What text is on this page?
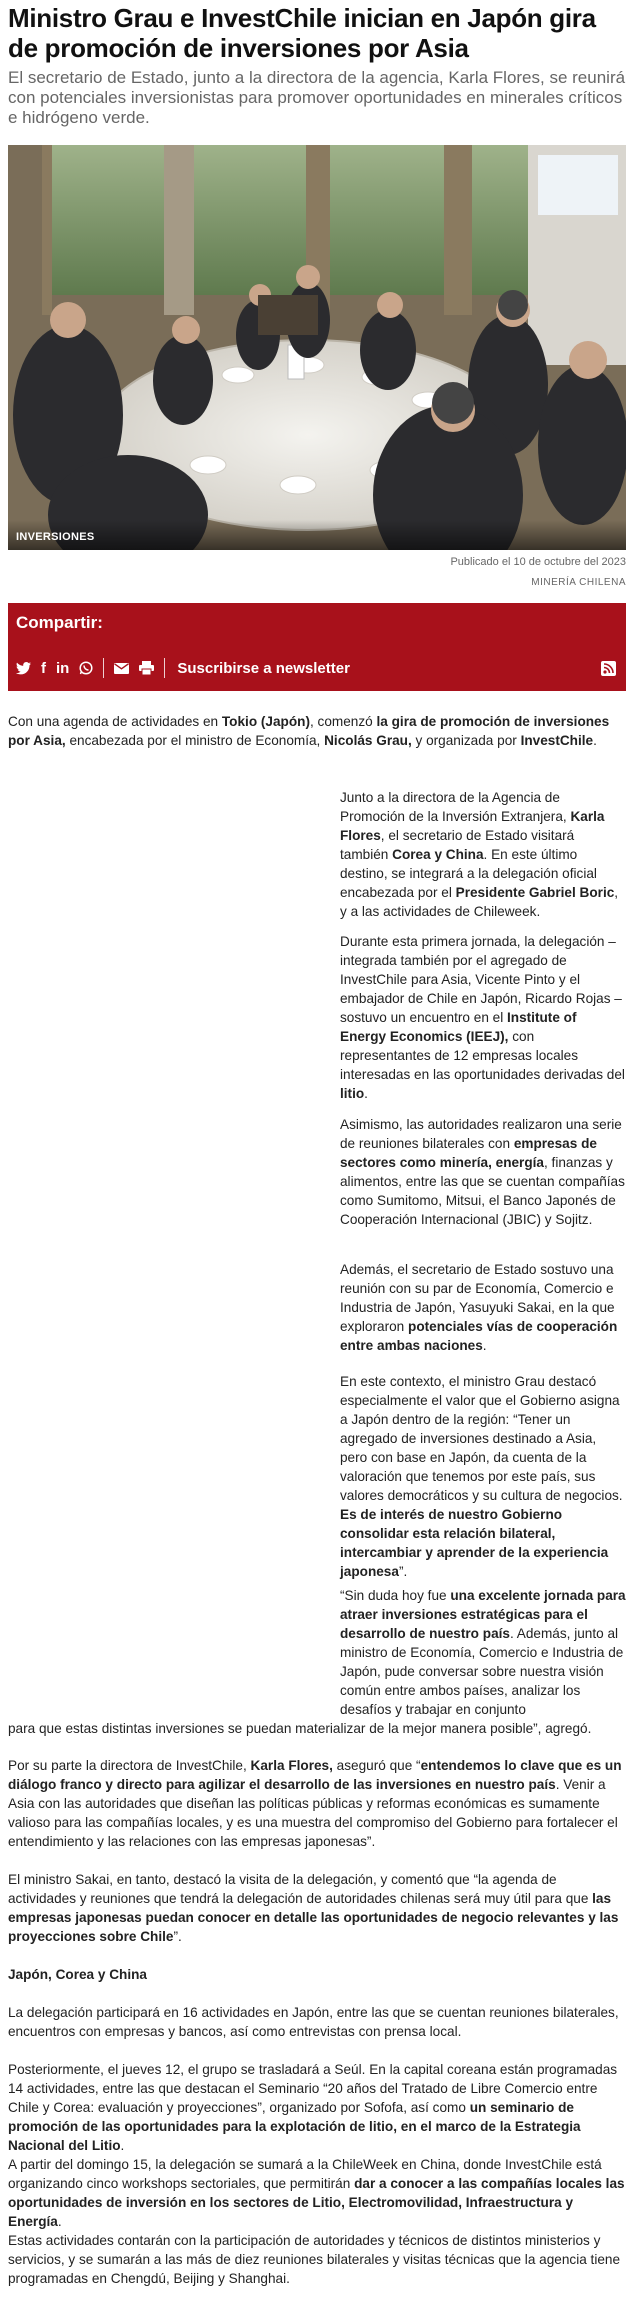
Ministro Grau e InvestChile inician en Japón gira de promoción de inversiones por Asia

El secretario de Estado, junto a la directora de la agencia, Karla Flores, se reunirá con potenciales inversionistas para promover oportunidades en minerales críticos e hidrógeno verde.

INVERSIONES
Publicado el 10 de octubre del 2023
MINERÍA CHILENA
Compartir:
f in	Suscribirse a newsletter

Con una agenda de actividades en Tokio (Japón), comenzó la gira de promoción de inversiones por Asia, encabezada por el ministro de Economía, Nicolás Grau, y organizada por InvestChile.

Junto a la directora de la Agencia de Promoción de la Inversión Extranjera, Karla Flores, el secretario de Estado visitará también Corea y China. En este último destino, se integrará a la delegación oficial encabezada por el Presidente Gabriel Boric, y a las actividades de Chileweek.

Durante esta primera jornada, la delegación –integrada también por el agregado de InvestChile para Asia, Vicente Pinto y el embajador de Chile en Japón, Ricardo Rojas – sostuvo un encuentro en el Institute of Energy Economics (IEEJ), con representantes de 12 empresas locales interesadas en las oportunidades derivadas del litio.

Asimismo, las autoridades realizaron una serie de reuniones bilaterales con empresas de sectores como minería, energía, finanzas y alimentos, entre las que se cuentan compañías como Sumitomo, Mitsui, el Banco Japonés de Cooperación Internacional (JBIC) y Sojitz.

Además, el secretario de Estado sostuvo una reunión con su par de Economía, Comercio e Industria de Japón, Yasuyuki Sakai, en la que exploraron potenciales vías de cooperación entre ambas naciones.

En este contexto, el ministro Grau destacó especialmente el valor que el Gobierno asigna a Japón dentro de la región: “Tener un agregado de inversiones destinado a Asia, pero con base en Japón, da cuenta de la valoración que tenemos por este país, sus valores democráticos y su cultura de negocios. Es de interés de nuestro Gobierno consolidar esta relación bilateral, intercambiar y aprender de la experiencia japonesa”.

“Sin duda hoy fue una excelente jornada para atraer inversiones estratégicas para el desarrollo de nuestro país. Además, junto al ministro de Economía, Comercio e Industria de Japón, pude conversar sobre nuestra visión común entre ambos países, analizar los desafíos y trabajar en conjunto

para que estas distintas inversiones se puedan materializar de la mejor manera posible”, agregó.

Por su parte la directora de InvestChile, Karla Flores, aseguró que “entendemos lo clave que es un diálogo franco y directo para agilizar el desarrollo de las inversiones en nuestro país. Venir a Asia con las autoridades que diseñan las políticas públicas y reformas económicas es sumamente valioso para las compañías locales, y es una muestra del compromiso del Gobierno para fortalecer el entendimiento y las relaciones con las empresas japonesas”.

El ministro Sakai, en tanto, destacó la visita de la delegación, y comentó que “la agenda de actividades y reuniones que tendrá la delegación de autoridades chilenas será muy útil para que las empresas japonesas puedan conocer en detalle las oportunidades de negocio relevantes y las proyecciones sobre Chile”.

Japón, Corea y China

La delegación participará en 16 actividades en Japón, entre las que se cuentan reuniones bilaterales, encuentros con empresas y bancos, así como entrevistas con prensa local.

Posteriormente, el jueves 12, el grupo se trasladará a Seúl. En la capital coreana están programadas 14 actividades, entre las que destacan el Seminario “20 años del Tratado de Libre Comercio entre Chile y Corea: evaluación y proyecciones”, organizado por Sofofa, así como un seminario de promoción de las oportunidades para la explotación de litio, en el marco de la Estrategia Nacional del Litio.

A partir del domingo 15, la delegación se sumará a la ChileWeek en China, donde InvestChile está organizando cinco workshops sectoriales, que permitirán dar a conocer a las compañías locales las oportunidades de inversión en los sectores de Litio, Electromovilidad, Infraestructura y Energía.

Estas actividades contarán con la participación de autoridades y técnicos de distintos ministerios y servicios, y se sumarán a las más de diez reuniones bilaterales y visitas técnicas que la agencia tiene programadas en Chengdú, Beijing y Shanghai.
